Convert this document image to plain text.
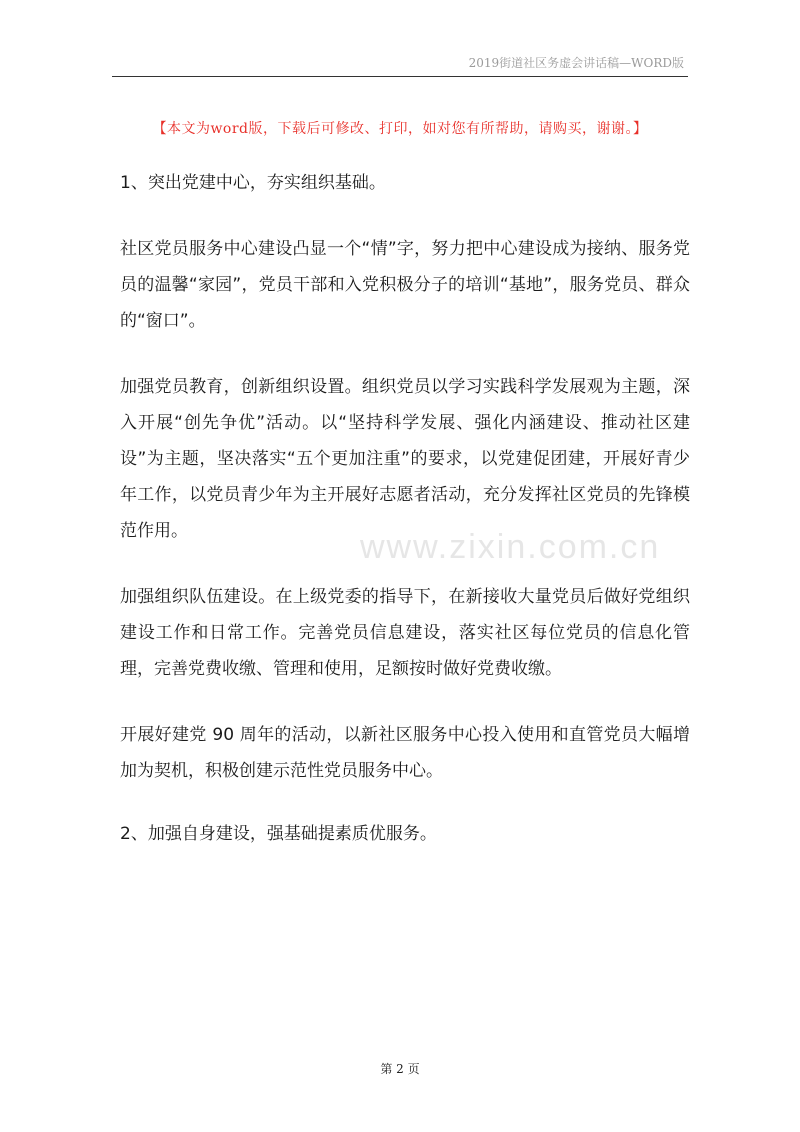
2019街道社区务虚会讲话稿—WORD版
【本文为word版，下载后可修改、打印，如对您有所帮助，请购买，谢谢。】
www.zixin.com.cn

1、突出党建中心，夯实组织基础。

社区党员服务中心建设凸显一个“情”字，努力把中心建设成为接纳、服务党员的温馨“家园”，党员干部和入党积极分子的培训“基地”，服务党员、群众的“窗口”。

加强党员教育，创新组织设置。组织党员以学习实践科学发展观为主题，深入开展“创先争优”活动。以“坚持科学发展、强化内涵建设、推动社区建设”为主题，坚决落实“五个更加注重”的要求，以党建促团建，开展好青少年工作，以党员青少年为主开展好志愿者活动，充分发挥社区党员的先锋模范作用。

加强组织队伍建设。在上级党委的指导下，在新接收大量党员后做好党组织建设工作和日常工作。完善党员信息建设，落实社区每位党员的信息化管理，完善党费收缴、管理和使用，足额按时做好党费收缴。

开展好建党 90 周年的活动，以新社区服务中心投入使用和直管党员大幅增加为契机，积极创建示范性党员服务中心。

2、加强自身建设，强基础提素质优服务。

第 2 页
